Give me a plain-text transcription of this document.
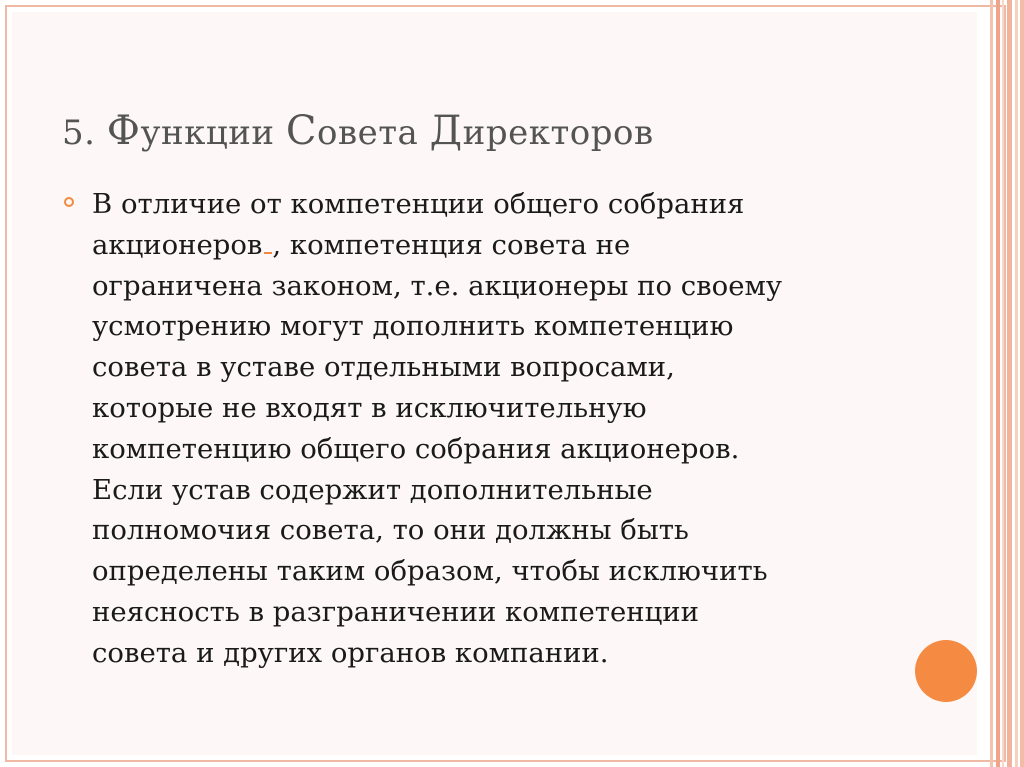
5. Функции Совета Директоров
В отличие от компетенции общего собрания
акционеров , компетенция совета не
ограничена законом, т.е. акционеры по своему
усмотрению могут дополнить компетенцию
совета в уставе отдельными вопросами,
которые не входят в исключительную
компетенцию общего собрания акционеров.
Если устав содержит дополнительные
полномочия совета, то они должны быть
определены таким образом, чтобы исключить
неясность в разграничении компетенции
совета и других органов компании.
